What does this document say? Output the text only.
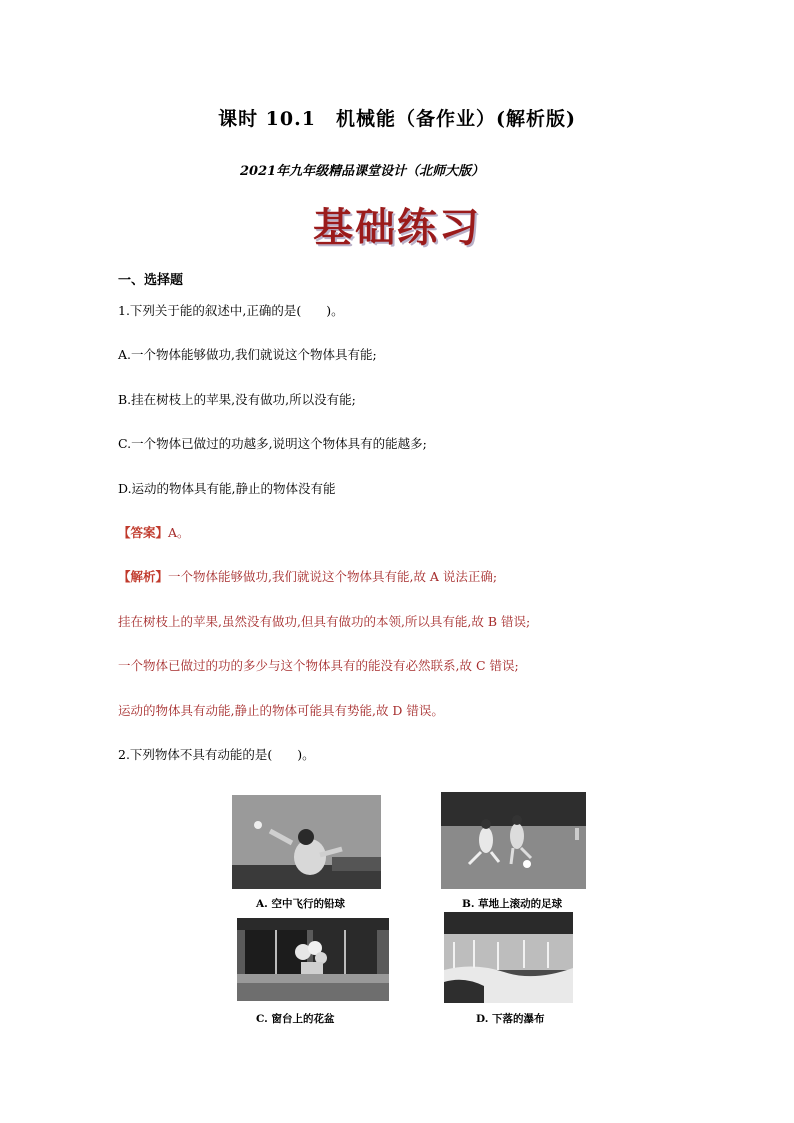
课时 10.1　机械能（备作业）(解析版)
2021年九年级精品课堂设计（北师大版）
基础练习
一、选择题
1.下列关于能的叙述中,正确的是(　　)。
A.一个物体能够做功,我们就说这个物体具有能;
B.挂在树枝上的苹果,没有做功,所以没有能;
C.一个物体已做过的功越多,说明这个物体具有的能越多;
D.运动的物体具有能,静止的物体没有能
【答案】A。
【解析】一个物体能够做功,我们就说这个物体具有能,故 A 说法正确;
挂在树枝上的苹果,虽然没有做功,但具有做功的本领,所以具有能,故 B 错误;
一个物体已做过的功的多少与这个物体具有的能没有必然联系,故 C 错误;
运动的物体具有动能,静止的物体可能具有势能,故 D 错误。
2.下列物体不具有动能的是(　　)。
A. 空中飞行的铅球	B. 草地上滚动的足球
C. 窗台上的花盆	D. 下落的瀑布
